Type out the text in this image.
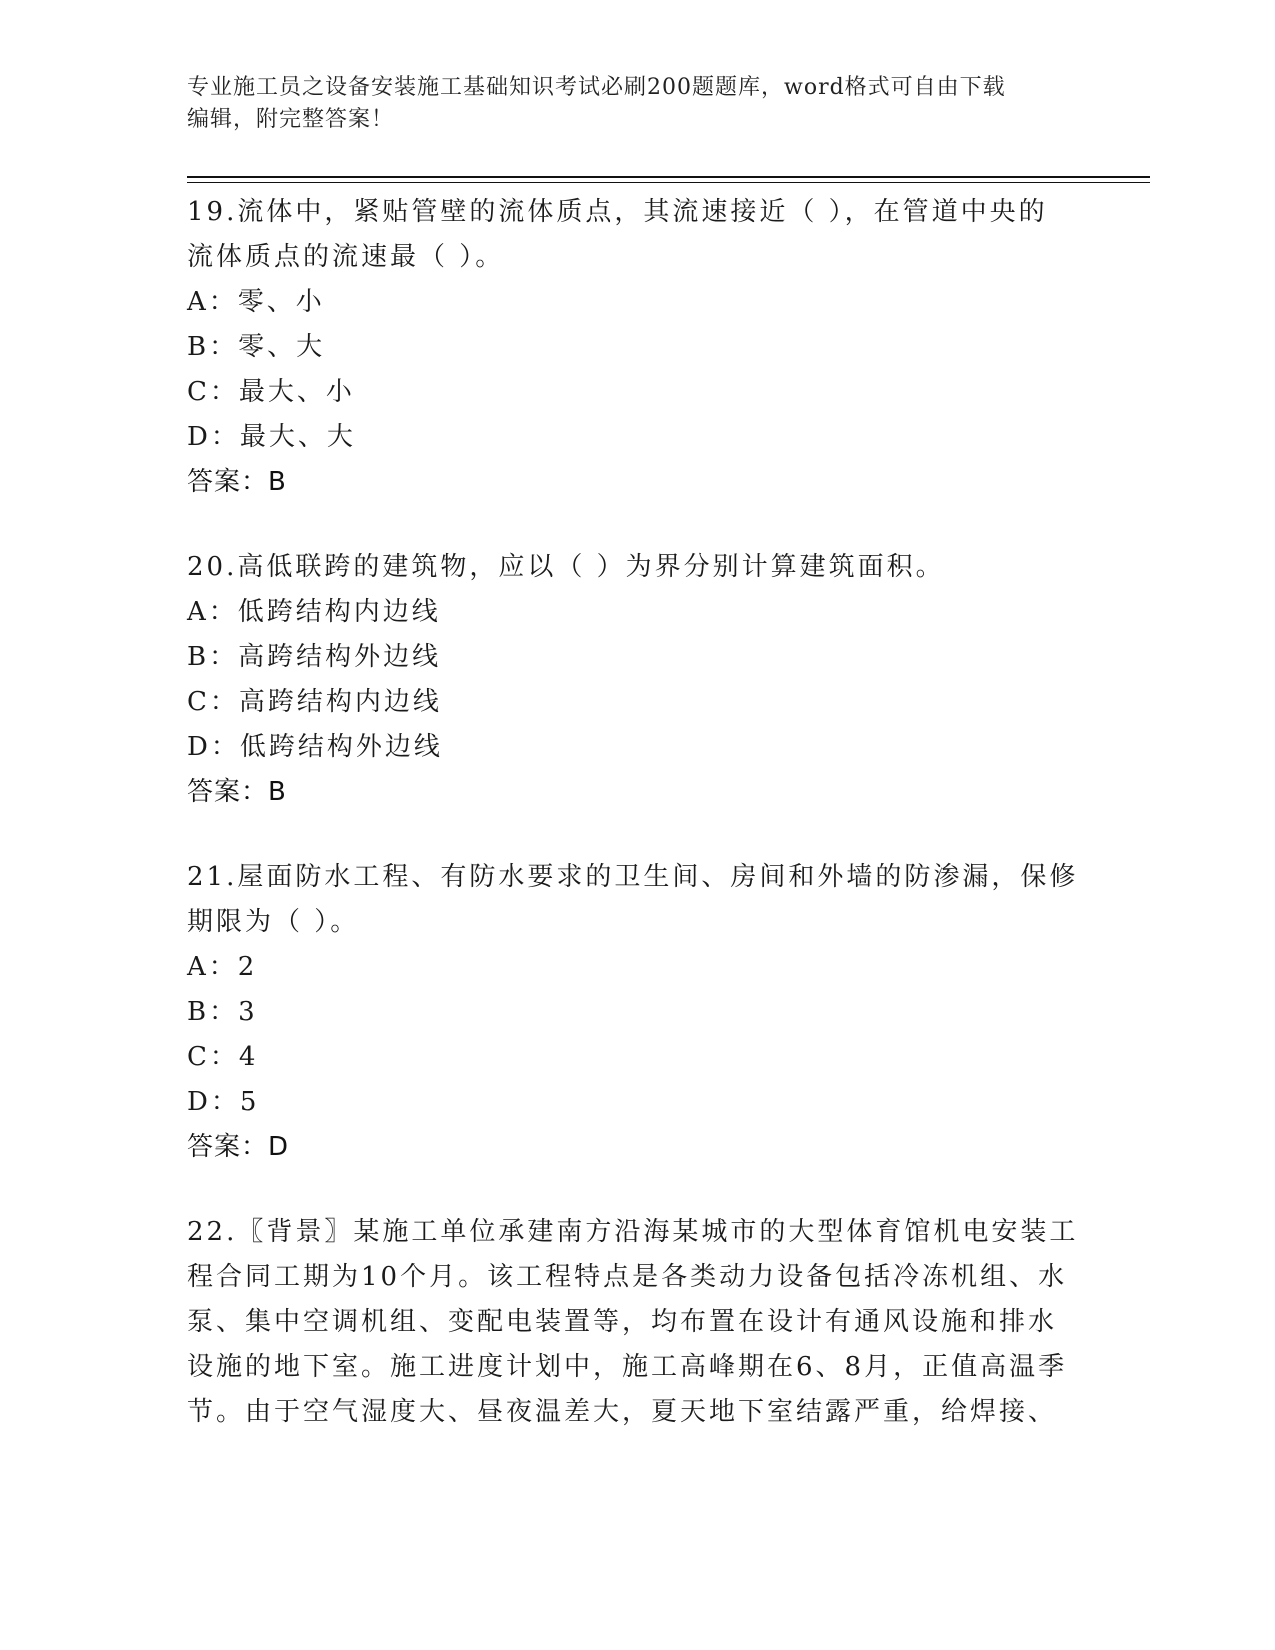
专业施工员之设备安装施工基础知识考试必刷200题题库，word格式可自由下载
编辑，附完整答案！
19.流体中，紧贴管壁的流体质点，其流速接近（ ），在管道中央的
流体质点的流速最（ ）。
A：零、小
B：零、大
C：最大、小
D：最大、大
答案：B
20.高低联跨的建筑物，应以（ ）为界分别计算建筑面积。
A：低跨结构内边线
B：高跨结构外边线
C：高跨结构内边线
D：低跨结构外边线
答案：B
21.屋面防水工程、有防水要求的卫生间、房间和外墙的防渗漏，保修
期限为（ ）。
A：2
B：3
C：4
D：5
答案：D
22.〖背景〗某施工单位承建南方沿海某城市的大型体育馆机电安装工
程合同工期为10个月。该工程特点是各类动力设备包括冷冻机组、水
泵、集中空调机组、变配电装置等，均布置在设计有通风设施和排水
设施的地下室。施工进度计划中，施工高峰期在6、8月，正值高温季
节。由于空气湿度大、昼夜温差大，夏天地下室结露严重，给焊接、
